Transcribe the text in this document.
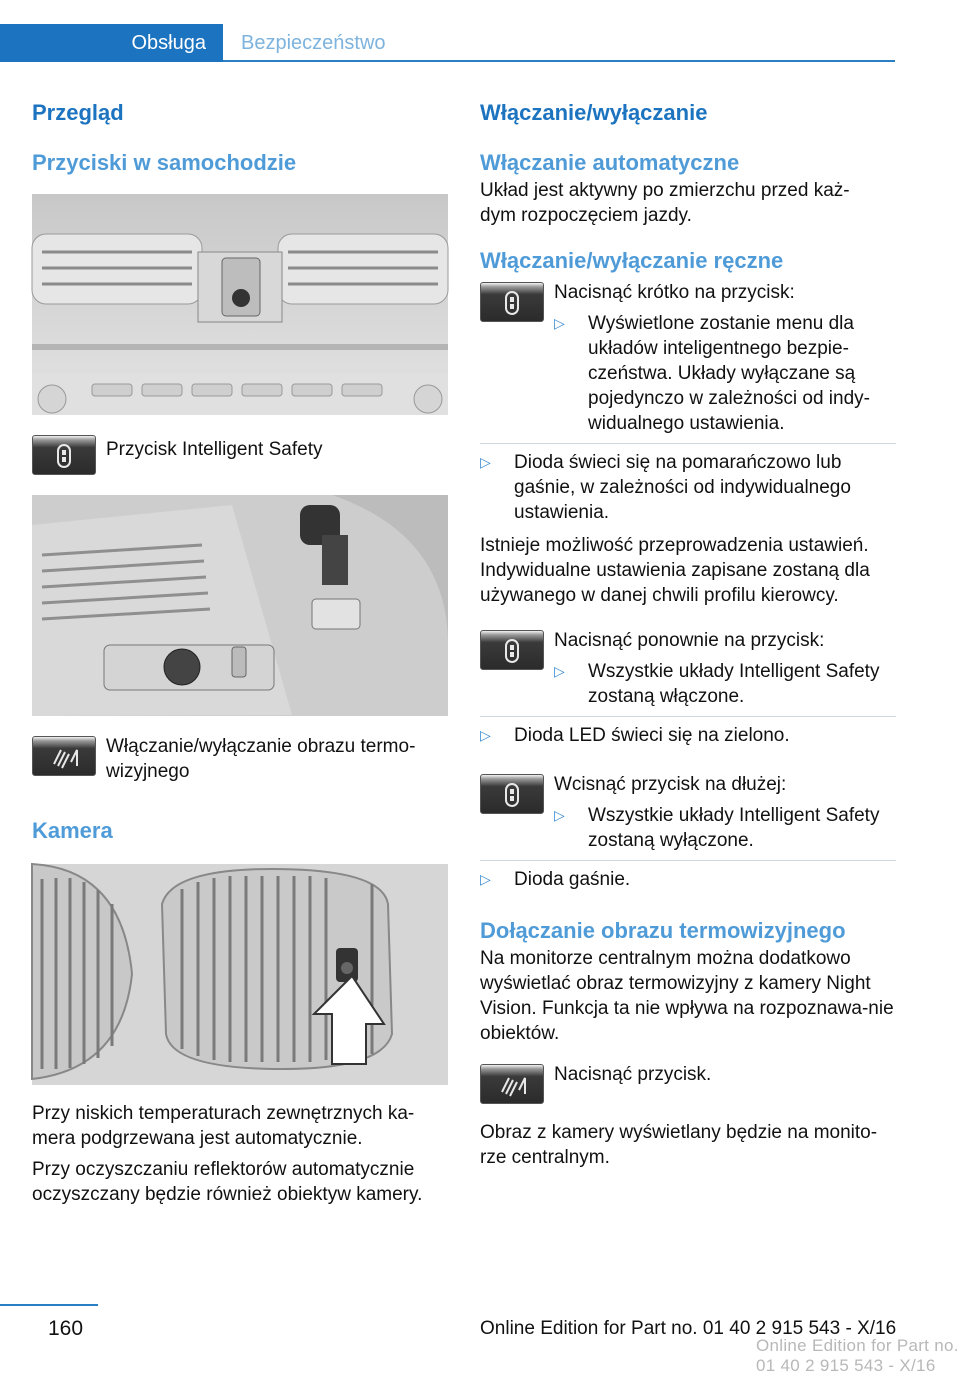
Obsługa	Bezpieczeństwo
Przegląd
Przyciski w samochodzie

Przycisk Intelligent Safety

Włączanie/wyłączanie obrazu termo-wizyjnego

Kamera

Przy niskich temperaturach zewnętrznych ka-mera podgrzewana jest automatycznie.

Przy oczyszczaniu reflektorów automatycznie oczyszczany będzie również obiektyw kamery.

Włączanie/wyłączanie
Włączanie automatyczne

Układ jest aktywny po zmierzchu przed każ-dym rozpoczęciem jazdy.

Włączanie/wyłączanie ręczne

Nacisnąć krótko na przycisk:

▷ Wyświetlone zostanie menu dla układów inteligentnego bezpie-czeństwa. Układy wyłączane są pojedynczo w zależności od indy-widualnego ustawienia.
▷ Dioda świeci się na pomarańczowo lub gaśnie, w zależności od indywidualnego ustawienia.

Istnieje możliwość przeprowadzenia ustawień. Indywidualne ustawienia zapisane zostaną dla używanego w danej chwili profilu kierowcy.

Nacisnąć ponownie na przycisk:

▷ Wszystkie układy Intelligent Safety zostaną włączone.
▷ Dioda LED świeci się na zielono.

Wcisnąć przycisk na dłużej:

▷ Wszystkie układy Intelligent Safety zostaną wyłączone.
▷ Dioda gaśnie.
Dołączanie obrazu termowizyjnego

Na monitorze centralnym można dodatkowo wyświetlać obraz termowizyjny z kamery Night Vision. Funkcja ta nie wpływa na rozpoznawa-nie obiektów.

Nacisnąć przycisk.

Obraz z kamery wyświetlany będzie na monito-rze centralnym.

160	Online Edition for Part no. 01 40 2 915 543 - X/16
Online Edition for Part no. 01 40 2 915 543 - X/16
